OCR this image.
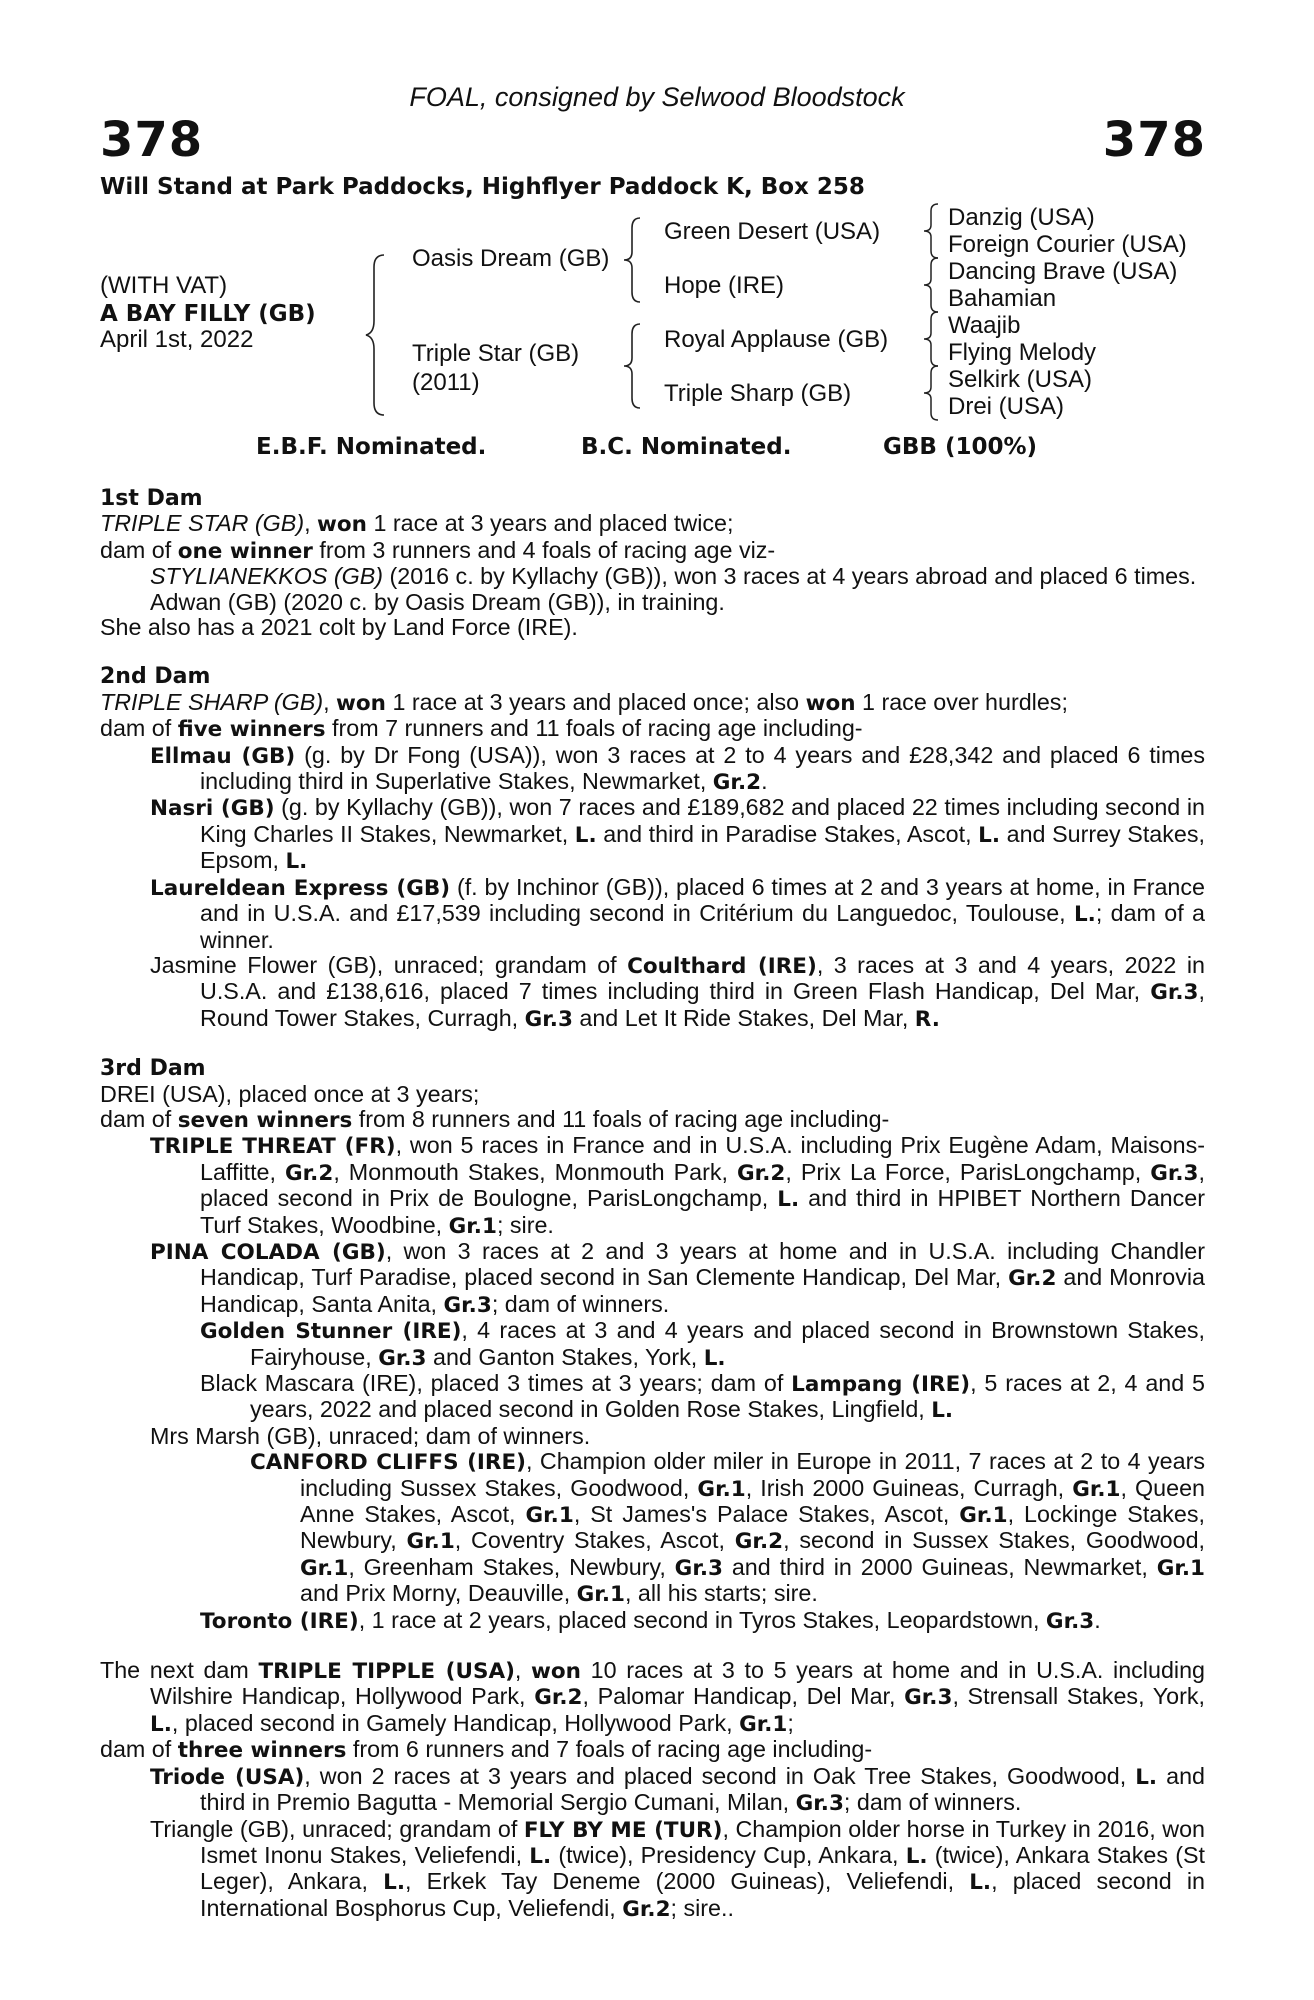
FOAL, consigned by Selwood Bloodstock
378	378
Will Stand at Park Paddocks, Highflyer Paddock K, Box 258
(WITH VAT)
A BAY FILLY (GB)
April 1st, 2022
Oasis Dream (GB)
Triple Star (GB)
(2011)
Green Desert (USA)
Hope (IRE)
Royal Applause (GB)
Triple Sharp (GB)
Danzig (USA)
Foreign Courier (USA)
Dancing Brave (USA)
Bahamian
Waajib
Flying Melody
Selkirk (USA)
Drei (USA)
E.B.F. Nominated.	B.C. Nominated.	GBB (100%)
1st Dam

TRIPLE STAR (GB), won 1 race at 3 years and placed twice;

dam of one winner from 3 runners and 4 foals of racing age viz-

STYLIANEKKOS (GB) (2016 c. by Kyllachy (GB)), won 3 races at 4 years abroad and placed 6 times.

Adwan (GB) (2020 c. by Oasis Dream (GB)), in training.

She also has a 2021 colt by Land Force (IRE).

2nd Dam

TRIPLE SHARP (GB), won 1 race at 3 years and placed once; also won 1 race over hurdles;

dam of five winners from 7 runners and 11 foals of racing age including-

Ellmau (GB) (g. by Dr Fong (USA)), won 3 races at 2 to 4 years and £28,342 and placed 6 times including third in Superlative Stakes, Newmarket, Gr.2.

Nasri (GB) (g. by Kyllachy (GB)), won 7 races and £189,682 and placed 22 times including second in King Charles II Stakes, Newmarket, L. and third in Paradise Stakes, Ascot, L. and Surrey Stakes, Epsom, L.

Laureldean Express (GB) (f. by Inchinor (GB)), placed 6 times at 2 and 3 years at home, in France and in U.S.A. and £17,539 including second in Critérium du Languedoc, Toulouse, L.; dam of a winner.

Jasmine Flower (GB), unraced; grandam of Coulthard (IRE), 3 races at 3 and 4 years, 2022 in U.S.A. and £138,616, placed 7 times including third in Green Flash Handicap, Del Mar, Gr.3, Round Tower Stakes, Curragh, Gr.3 and Let It Ride Stakes, Del Mar, R.

3rd Dam

DREI (USA), placed once at 3 years;

dam of seven winners from 8 runners and 11 foals of racing age including-

TRIPLE THREAT (FR), won 5 races in France and in U.S.A. including Prix Eugène Adam, Maisons-Laffitte, Gr.2, Monmouth Stakes, Monmouth Park, Gr.2, Prix La Force, ParisLongchamp, Gr.3, placed second in Prix de Boulogne, ParisLongchamp, L. and third in HPIBET Northern Dancer Turf Stakes, Woodbine, Gr.1; sire.

PINA COLADA (GB), won 3 races at 2 and 3 years at home and in U.S.A. including Chandler Handicap, Turf Paradise, placed second in San Clemente Handicap, Del Mar, Gr.2 and Monrovia Handicap, Santa Anita, Gr.3; dam of winners.

Golden Stunner (IRE), 4 races at 3 and 4 years and placed second in Brownstown Stakes, Fairyhouse, Gr.3 and Ganton Stakes, York, L.

Black Mascara (IRE), placed 3 times at 3 years; dam of Lampang (IRE), 5 races at 2, 4 and 5 years, 2022 and placed second in Golden Rose Stakes, Lingfield, L.

Mrs Marsh (GB), unraced; dam of winners.

CANFORD CLIFFS (IRE), Champion older miler in Europe in 2011, 7 races at 2 to 4 years including Sussex Stakes, Goodwood, Gr.1, Irish 2000 Guineas, Curragh, Gr.1, Queen Anne Stakes, Ascot, Gr.1, St James's Palace Stakes, Ascot, Gr.1, Lockinge Stakes, Newbury, Gr.1, Coventry Stakes, Ascot, Gr.2, second in Sussex Stakes, Goodwood, Gr.1, Greenham Stakes, Newbury, Gr.3 and third in 2000 Guineas, Newmarket, Gr.1 and Prix Morny, Deauville, Gr.1, all his starts; sire.

Toronto (IRE), 1 race at 2 years, placed second in Tyros Stakes, Leopardstown, Gr.3.

The next dam TRIPLE TIPPLE (USA), won 10 races at 3 to 5 years at home and in U.S.A. including Wilshire Handicap, Hollywood Park, Gr.2, Palomar Handicap, Del Mar, Gr.3, Strensall Stakes, York, L., placed second in Gamely Handicap, Hollywood Park, Gr.1;

dam of three winners from 6 runners and 7 foals of racing age including-

Triode (USA), won 2 races at 3 years and placed second in Oak Tree Stakes, Goodwood, L. and third in Premio Bagutta - Memorial Sergio Cumani, Milan, Gr.3; dam of winners.

Triangle (GB), unraced; grandam of FLY BY ME (TUR), Champion older horse in Turkey in 2016, won Ismet Inonu Stakes, Veliefendi, L. (twice), Presidency Cup, Ankara, L. (twice), Ankara Stakes (St Leger), Ankara, L., Erkek Tay Deneme (2000 Guineas), Veliefendi, L., placed second in International Bosphorus Cup, Veliefendi, Gr.2; sire..
